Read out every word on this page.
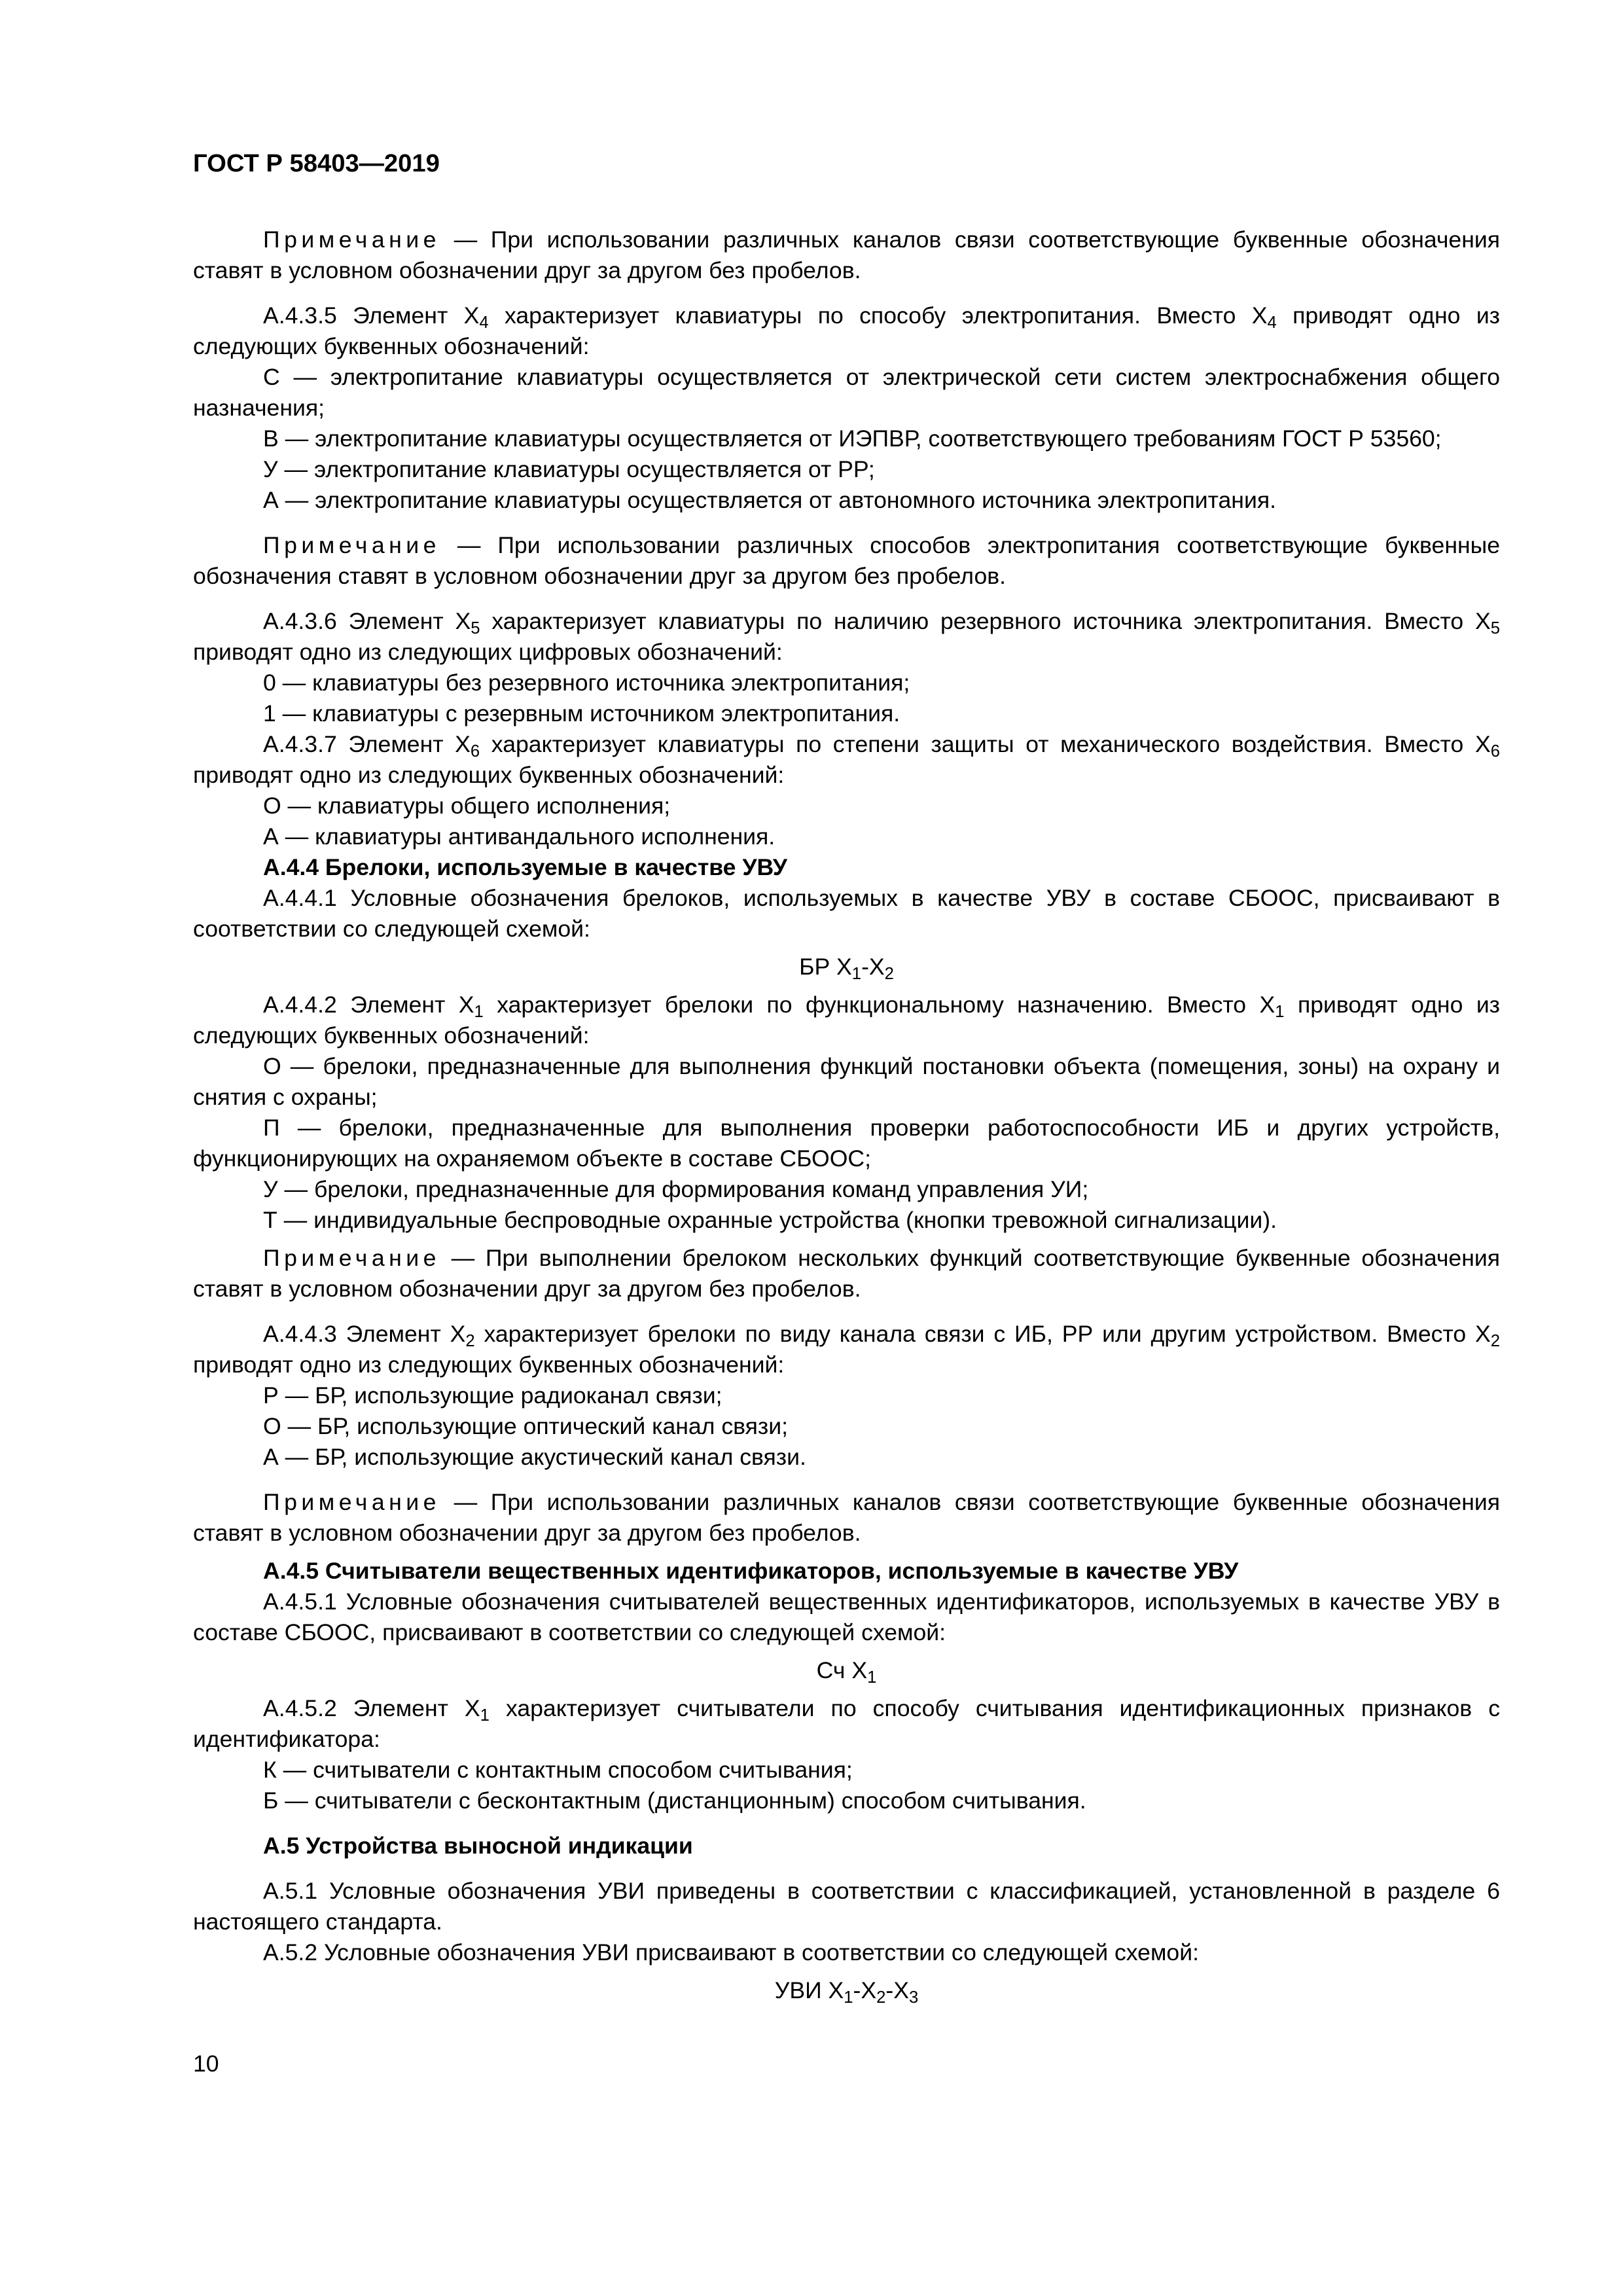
ГОСТ Р 58403—2019

Примечание — При использовании различных каналов связи соответствующие буквенные обозначения ставят в условном обозначении друг за другом без пробелов.

А.4.3.5 Элемент $Х_4$ характеризует клавиатуры по способу электропитания. Вместо $Х_4$ приводят одно из следующих буквенных обозначений:

С — электропитание клавиатуры осуществляется от электрической сети систем электроснабжения общего назначения;

В — электропитание клавиатуры осуществляется от ИЭПВР, соответствующего требованиям ГОСТ Р 53560;

У — электропитание клавиатуры осуществляется от РР;

А — электропитание клавиатуры осуществляется от автономного источника электропитания.

Примечание — При использовании различных способов электропитания соответствующие буквенные обозначения ставят в условном обозначении друг за другом без пробелов.

А.4.3.6 Элемент $Х_5$ характеризует клавиатуры по наличию резервного источника электропитания. Вместо $Х_5$ приводят одно из следующих цифровых обозначений:

0 — клавиатуры без резервного источника электропитания;

1 — клавиатуры с резервным источником электропитания.

А.4.3.7 Элемент $Х_6$ характеризует клавиатуры по степени защиты от механического воздействия. Вместо $Х_6$ приводят одно из следующих буквенных обозначений:

О — клавиатуры общего исполнения;

А — клавиатуры антивандального исполнения.

А.4.4 Брелоки, используемые в качестве УВУ

А.4.4.1 Условные обозначения брелоков, используемых в качестве УВУ в составе СБООС, присваивают в соответствии со следующей схемой:

БР $Х_1-Х_2$

А.4.4.2 Элемент $Х_1$ характеризует брелоки по функциональному назначению. Вместо $Х_1$ приводят одно из следующих буквенных обозначений:

О — брелоки, предназначенные для выполнения функций постановки объекта (помещения, зоны) на охрану и снятия с охраны;

П — брелоки, предназначенные для выполнения проверки работоспособности ИБ и других устройств, функционирующих на охраняемом объекте в составе СБООС;

У — брелоки, предназначенные для формирования команд управления УИ;

Т — индивидуальные беспроводные охранные устройства (кнопки тревожной сигнализации).

Примечание — При выполнении брелоком нескольких функций соответствующие буквенные обозначения ставят в условном обозначении друг за другом без пробелов.

А.4.4.3 Элемент $Х_2$ характеризует брелоки по виду канала связи с ИБ, РР или другим устройством. Вместо $Х_2$ приводят одно из следующих буквенных обозначений:

Р — БР, использующие радиоканал связи;

О — БР, использующие оптический канал связи;

А — БР, использующие акустический канал связи.

Примечание — При использовании различных каналов связи соответствующие буквенные обозначения ставят в условном обозначении друг за другом без пробелов.

А.4.5 Считыватели вещественных идентификаторов, используемые в качестве УВУ

А.4.5.1 Условные обозначения считывателей вещественных идентификаторов, используемых в качестве УВУ в составе СБООС, присваивают в соответствии со следующей схемой:

Сч $Х_1$

А.4.5.2 Элемент $Х_1$ характеризует считыватели по способу считывания идентификационных признаков с идентификатора:

К — считыватели с контактным способом считывания;

Б — считыватели с бесконтактным (дистанционным) способом считывания.

А.5 Устройства выносной индикации

А.5.1 Условные обозначения УВИ приведены в соответствии с классификацией, установленной в разделе 6 настоящего стандарта.

А.5.2 Условные обозначения УВИ присваивают в соответствии со следующей схемой:

УВИ $Х_1-Х_2-Х_3$

10
